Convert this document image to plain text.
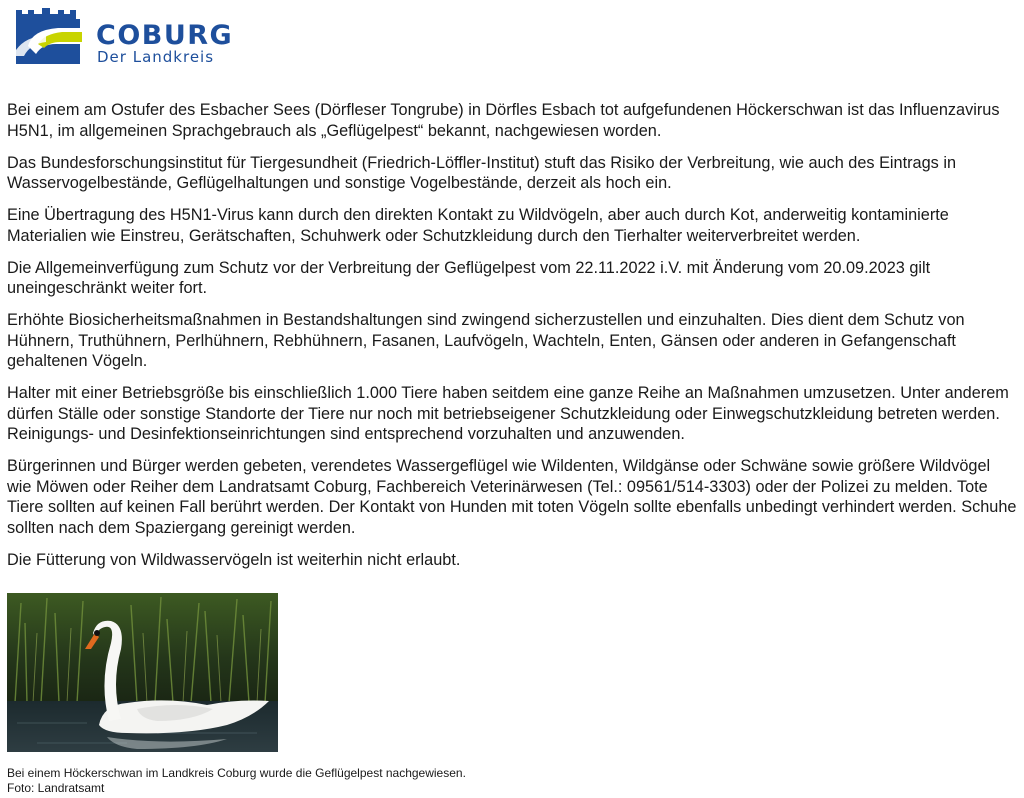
COBURG
Der Landkreis

Bei einem am Ostufer des Esbacher Sees (Dörfleser Tongrube) in Dörfles Esbach tot aufgefundenen Höckerschwan ist das Influenzavirus H5N1, im allgemeinen Sprachgebrauch als „Geflügelpest“ bekannt, nachgewiesen worden.

Das Bundesforschungsinstitut für Tiergesundheit (Friedrich-Löffler-Institut) stuft das Risiko der Verbreitung, wie auch des Eintrags in Wasservogelbestände, Geflügelhaltungen und sonstige Vogelbestände, derzeit als hoch ein.

Eine Übertragung des H5N1-Virus kann durch den direkten Kontakt zu Wildvögeln, aber auch durch Kot, anderweitig kontaminierte Materialien wie Einstreu, Gerätschaften, Schuhwerk oder Schutzkleidung durch den Tierhalter weiterverbreitet werden.

Die Allgemeinverfügung zum Schutz vor der Verbreitung der Geflügelpest vom 22.11.2022 i.V. mit Änderung vom 20.09.2023 gilt uneingeschränkt weiter fort.

Erhöhte Biosicherheitsmaßnahmen in Bestandshaltungen sind zwingend sicherzustellen und einzuhalten. Dies dient dem Schutz von Hühnern, Truthühnern, Perlhühnern, Rebhühnern, Fasanen, Laufvögeln, Wachteln, Enten, Gänsen oder anderen in Gefangenschaft gehaltenen Vögeln.

Halter mit einer Betriebsgröße bis einschließlich 1.000 Tiere haben seitdem eine ganze Reihe an Maßnahmen umzusetzen. Unter anderem dürfen Ställe oder sonstige Standorte der Tiere nur noch mit betriebseigener Schutzkleidung oder Einwegschutzkleidung betreten werden. Reinigungs- und Desinfektionseinrichtungen sind entsprechend vorzuhalten und anzuwenden.

Bürgerinnen und Bürger werden gebeten, verendetes Wassergeflügel wie Wildenten, Wildgänse oder Schwäne sowie größere Wildvögel wie Möwen oder Reiher dem Landratsamt Coburg, Fachbereich Veterinärwesen (Tel.: 09561/514-3303) oder der Polizei zu melden. Tote Tiere sollten auf keinen Fall berührt werden. Der Kontakt von Hunden mit toten Vögeln sollte ebenfalls unbedingt verhindert werden. Schuhe sollten nach dem Spaziergang gereinigt werden.

Die Fütterung von Wildwasservögeln ist weiterhin nicht erlaubt.

Bei einem Höckerschwan im Landkreis Coburg wurde die Geflügelpest nachgewiesen.
Foto: Landratsamt
